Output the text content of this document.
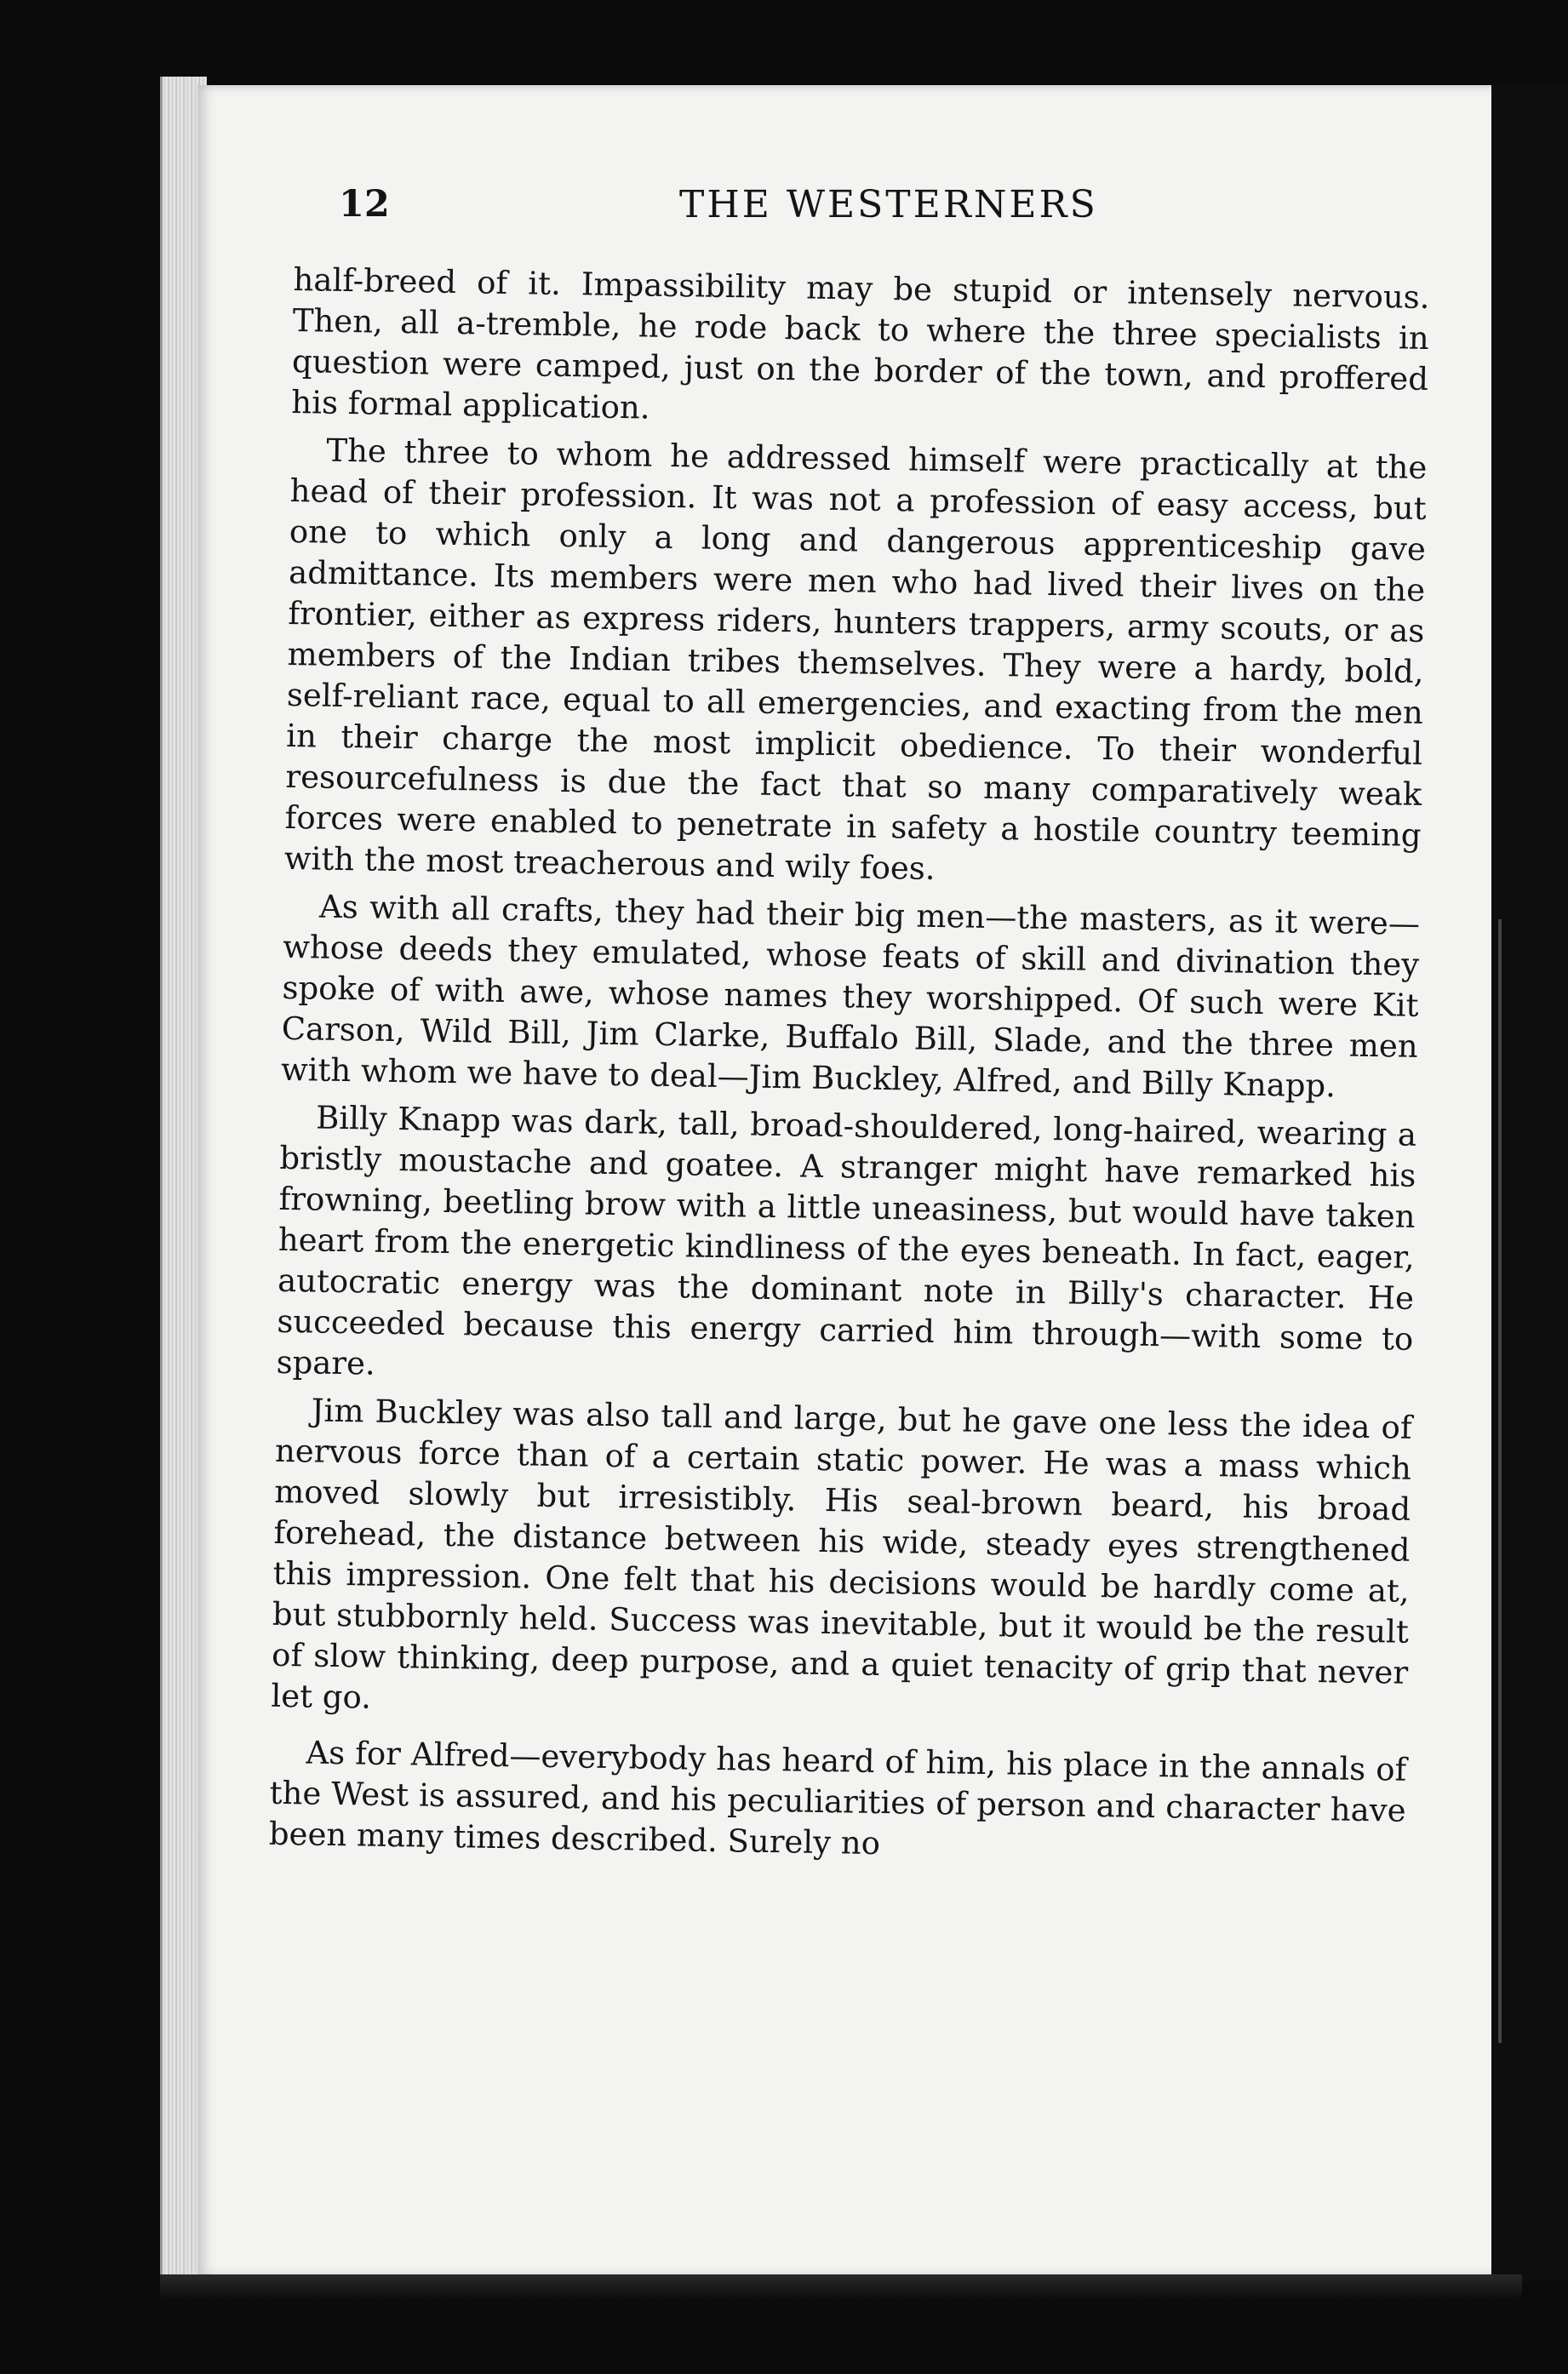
12	THE WESTERNERS

half-breed of it. Impassibility may be stupid or intensely nervous. Then, all a-tremble, he rode back to where the three specialists in question were camped, just on the border of the town, and proffered his formal application.

The three to whom he addressed himself were practically at the head of their profession. It was not a profession of easy access, but one to which only a long and dangerous apprenticeship gave admittance. Its members were men who had lived their lives on the frontier, either as express riders, hunters trappers, army scouts, or as members of the Indian tribes themselves. They were a hardy, bold, self-reliant race, equal to all emergencies, and exacting from the men in their charge the most implicit obedience. To their wonderful resourcefulness is due the fact that so many comparatively weak forces were enabled to penetrate in safety a hostile country teeming with the most treacherous and wily foes.

As with all crafts, they had their big men—the masters, as it were—whose deeds they emulated, whose feats of skill and divination they spoke of with awe, whose names they worshipped. Of such were Kit Carson, Wild Bill, Jim Clarke, Buffalo Bill, Slade, and the three men with whom we have to deal—Jim Buckley, Alfred, and Billy Knapp.

Billy Knapp was dark, tall, broad-shouldered, long-haired, wearing a bristly moustache and goatee. A stranger might have remarked his frowning, beetling brow with a little uneasiness, but would have taken heart from the energetic kindliness of the eyes beneath. In fact, eager, autocratic energy was the dominant note in Billy's character. He succeeded because this energy carried him through—with some to spare.

Jim Buckley was also tall and large, but he gave one less the idea of nervous force than of a certain static power. He was a mass which moved slowly but irresistibly. His seal-brown beard, his broad forehead, the distance between his wide, steady eyes strengthened this impression. One felt that his decisions would be hardly come at, but stubbornly held. Success was inevitable, but it would be the result of slow thinking, deep purpose, and a quiet tenacity of grip that never let go.

As for Alfred—everybody has heard of him, his place in the annals of the West is assured, and his peculiarities of person and character have been many times described. Surely no
